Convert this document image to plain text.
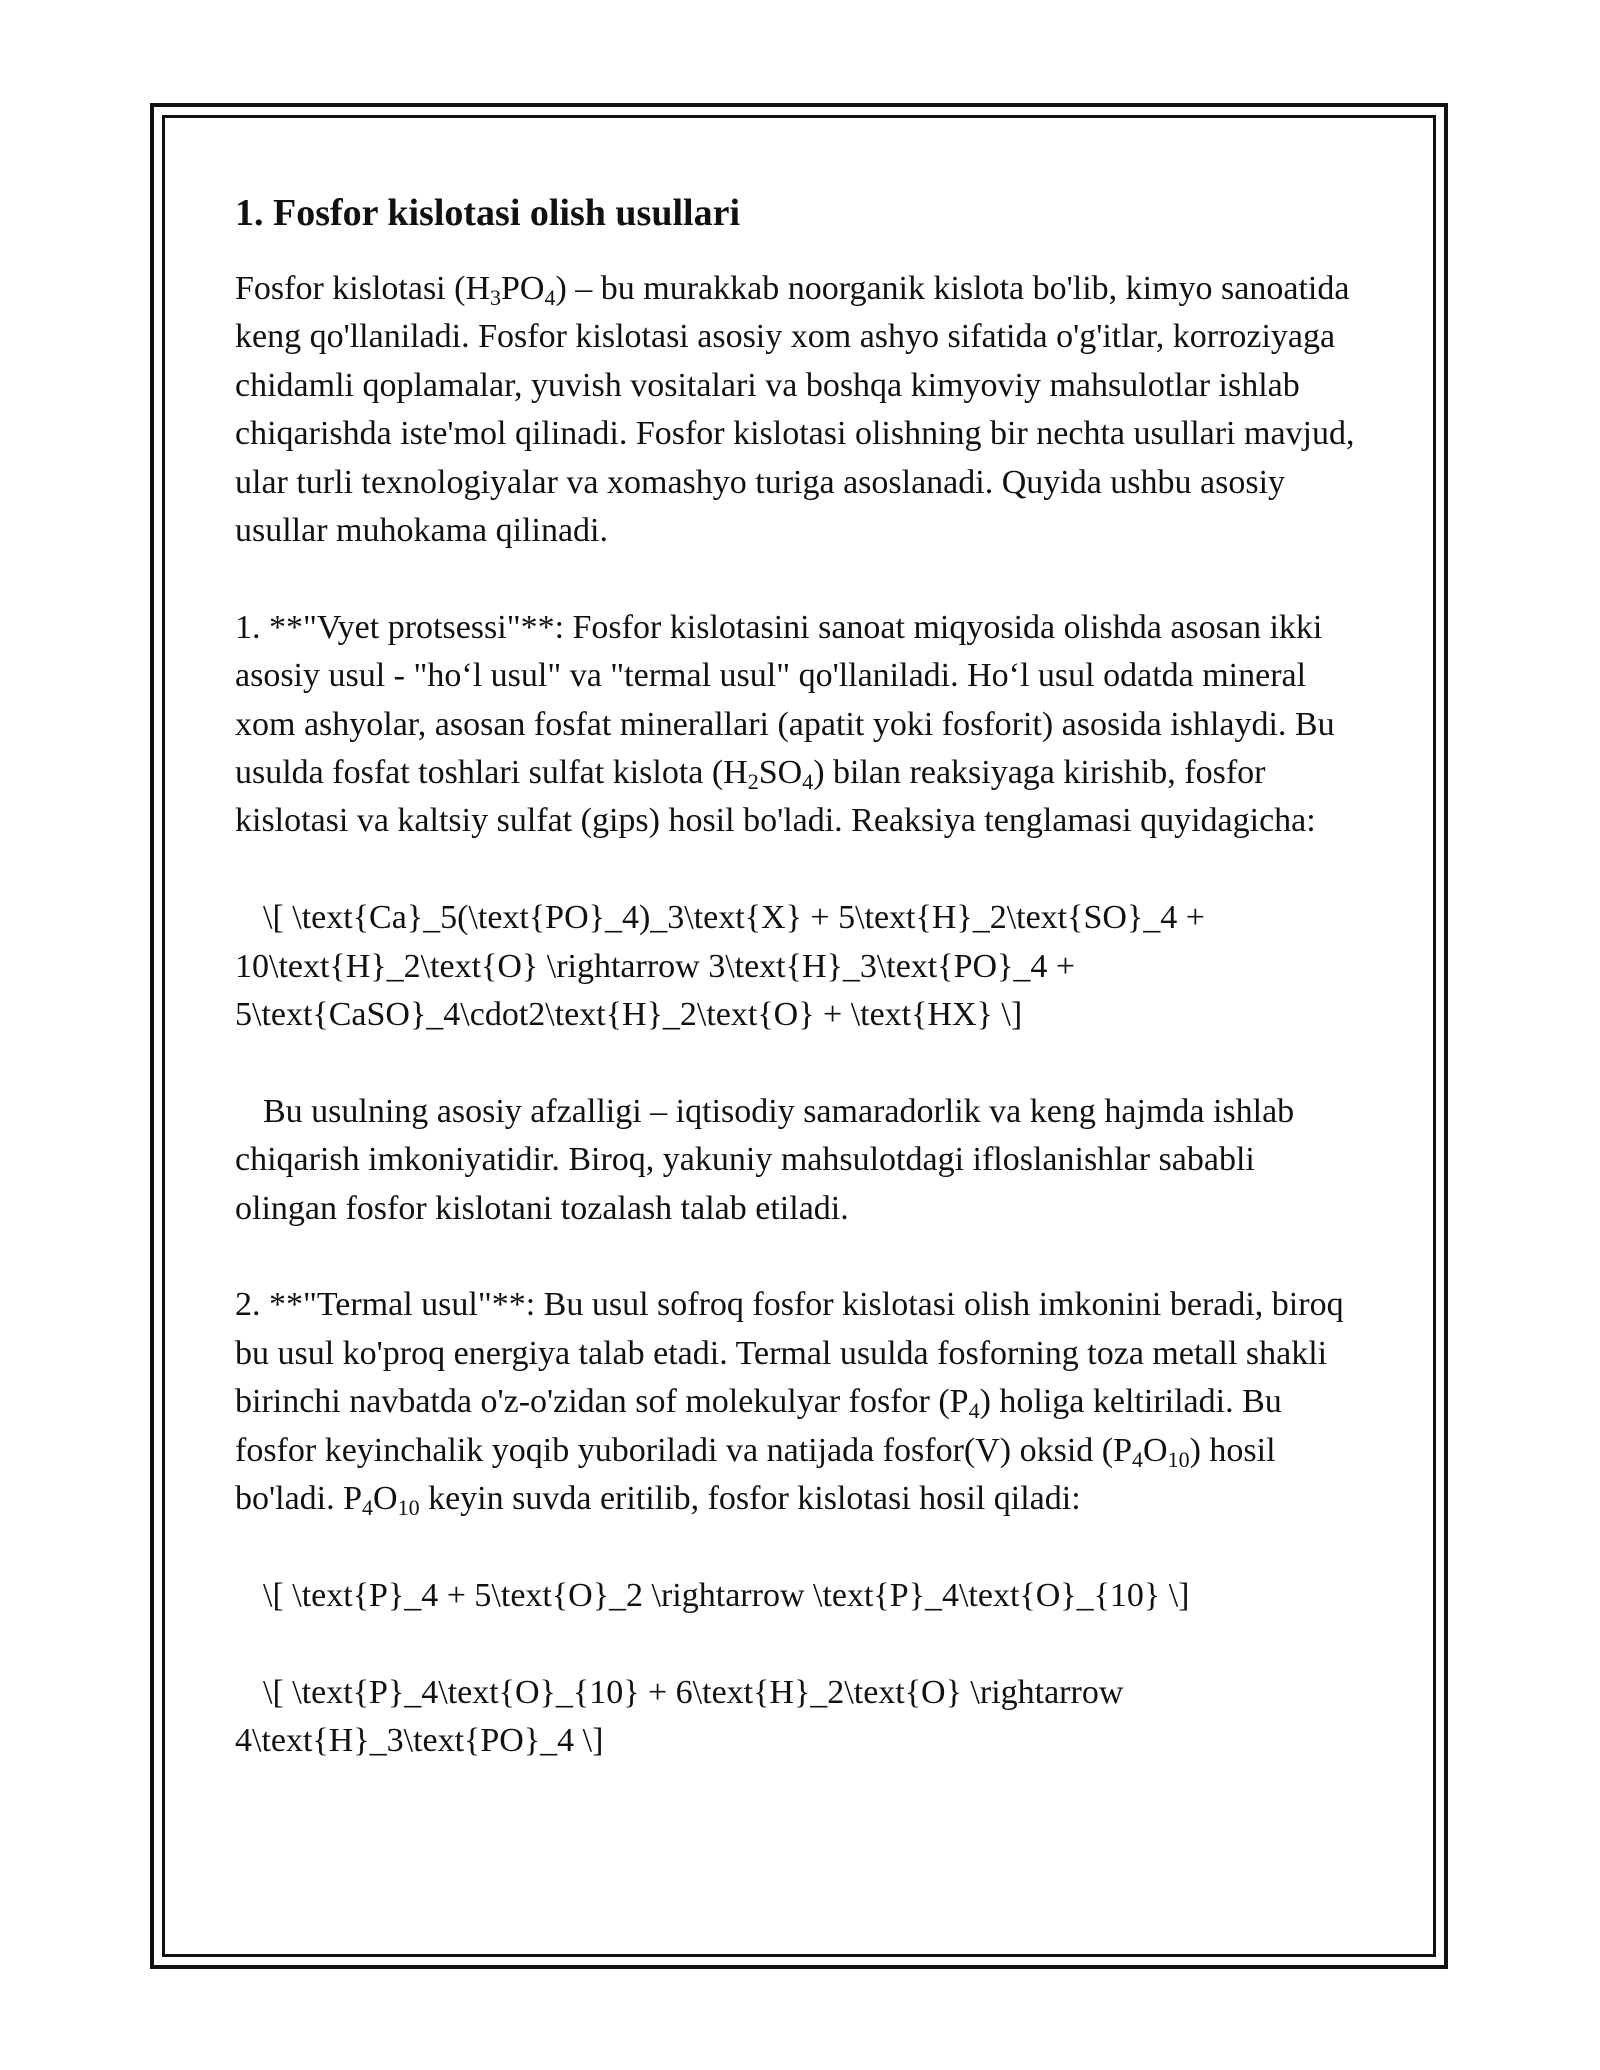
1. Fosfor kislotasi olish usullari

Fosfor kislotasi $(H_3PO_4)$ – bu murakkab noorganik kislota bo'lib, kimyo sanoatida keng qo'llaniladi. Fosfor kislotasi asosiy xom ashyo sifatida o'g'itlar, korroziyaga chidamli qoplamalar, yuvish vositalari va boshqa kimyoviy mahsulotlar ishlab chiqarishda iste'mol qilinadi. Fosfor kislotasi olishning bir nechta usullari mavjud, ular turli texnologiyalar va xomashyo turiga asoslanadi. Quyida ushbu asosiy usullar muhokama qilinadi.

1. **"Vyet protsessi"**: Fosfor kislotasini sanoat miqyosida olishda asosan ikki asosiy usul - "ho‘l usul" va "termal usul" qo'llaniladi. Ho‘l usul odatda mineral xom ashyolar, asosan fosfat minerallari (apatit yoki fosforit) asosida ishlaydi. Bu usulda fosfat toshlari sulfat kislota $(H_2SO_4)$ bilan reaksiyaga kirishib, fosfor kislotasi va kaltsiy sulfat (gips) hosil bo'ladi. Reaksiya tenglamasi quyidagicha:

\[ \text{Ca}_5(\text{PO}_4)_3\text{X} + 5\text{H}_2\text{SO}_4 + 10\text{H}_2\text{O} \rightarrow 3\text{H}_3\text{PO}_4 + 5\text{CaSO}_4\cdot2\text{H}_2\text{O} + \text{HX} \]

Bu usulning asosiy afzalligi – iqtisodiy samaradorlik va keng hajmda ishlab chiqarish imkoniyatidir. Biroq, yakuniy mahsulotdagi ifloslanishlar sababli olingan fosfor kislotani tozalash talab etiladi.

2. **"Termal usul"**: Bu usul sofroq fosfor kislotasi olish imkonini beradi, biroq bu usul ko'proq energiya talab etadi. Termal usulda fosforning toza metall shakli birinchi navbatda o'z-o'zidan sof molekulyar fosfor $(P_4)$ holiga keltiriladi. Bu fosfor keyinchalik yoqib yuboriladi va natijada fosfor(V) oksid $(P_4O_{10})$ hosil bo'ladi. $P_4O_{10}$ keyin suvda eritilib, fosfor kislotasi hosil qiladi:

\[ \text{P}_4 + 5\text{O}_2 \rightarrow \text{P}_4\text{O}_{10} \]

\[ \text{P}_4\text{O}_{10} + 6\text{H}_2\text{O} \rightarrow 4\text{H}_3\text{PO}_4 \]
